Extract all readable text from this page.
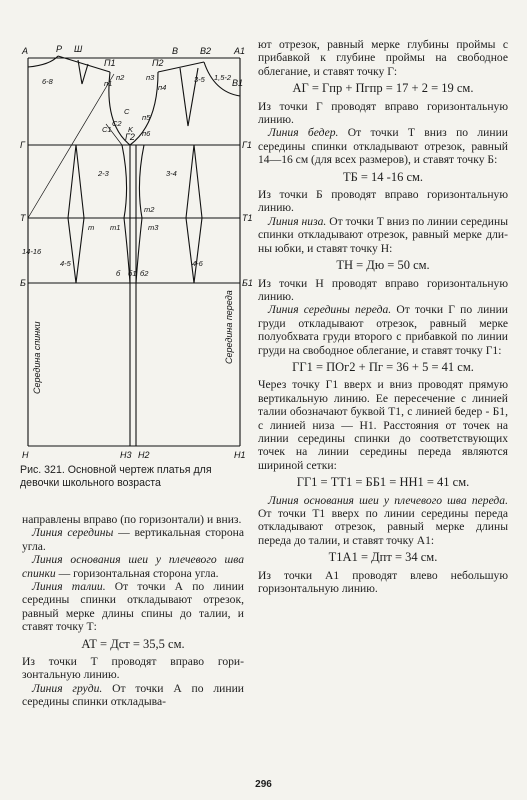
А	P Ш	А1
В2
В
В1
П1	П2
Г	Г1
Г2
Т	Т1
Б	Б1
Н	Н1
Н2
Н3
п1
п2	п3
п4
п5
п6
m m1
m2
m3
C
C1
C2
K
б б1 б2
6-8	3-5 1,5-2
2-3	3-4
14-16
4-5	4-6
Середина спинки	Середина переда
Рис. 321. Основной чертеж платья для девочки школьного возраста

направлены вправо (по горизонтали) и вниз.

Линия середины — вертикальная сторона угла.

Линия основания шеи у плечевого шва спинки — горизонтальная сторона угла.

Линия талии. От точки А по линии середины спинки откладывают отрезок, равный мерке длины спины до талии, и ставят точку Т:

АТ = Дст = 35,5 см.

Из точки Т проводят вправо горизонтальную линию.

Линия груди. От точки А по линии середины спинки откладыва-

ют отрезок, равный мерке глубины проймы с прибавкой к глубине проймы на свободное облегание, и ставят точку Г:

АГ = Гпр + Пгпр = 17 + 2 = 19 см.

Из точки Г проводят вправо горизонтальную линию.

Линия бедер. От точки Т вниз по линии середины спинки откладывают отрезок, равный 14—16 см (для всех размеров), и ставят точку Б:

ТБ = 14 -16 см.

Из точки Б проводят вправо горизонтальную линию.

Линия низа. От точки Т вниз по линии середины спинки откладывают отрезок, равный мерке длины юбки, и ставят точку Н:

ТН = Дю = 50 см.

Из точки Н проводят вправо горизонтальную линию.

Линия середины переда. От точки Г по линии груди откладывают отрезок, равный мерке полуобхвата груди второго с прибавкой по линии груди на свободное облегание, и ставят точку Г1:

ГГ1 = ПОг2 + Пг = 36 + 5 = 41 см.

Через точку Г1 вверх и вниз проводят прямую вертикальную линию. Ее пересечение с линией талии обозначают буквой Т1, с линией бедер - Б1, с линией низа — Н1. Расстояния от точек на линии середины спинки до соответствующих точек на линии середины переда являются шириной сетки:

ГГ1 = ТТ1 = ББ1 = НН1 = 41 см.

Линия основания шеи у плечевого шва переда. От точки Т1 вверх по линии середины переда откладывают отрезок, равный мерке длины переда до талии, и ставят точку А1:

Т1А1 = Дпт = 34 см.

Из точки А1 проводят влево небольшую горизонтальную линию.

296
